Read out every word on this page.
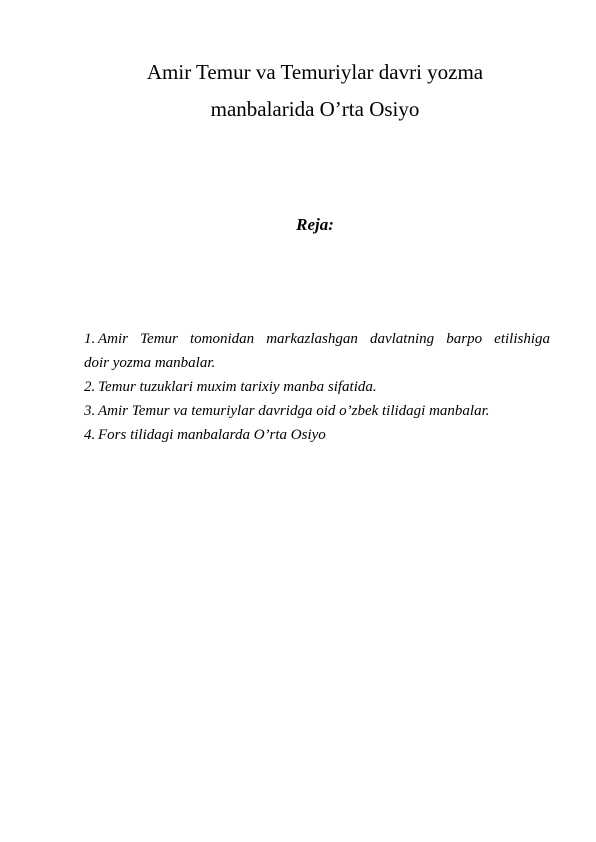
Amir Temur va Temuriylar davri yozma
manbalarida O’rta Osiyo
Reja:
1. Amir Temur tomonidan markazlashgan davlatning barpo etilishiga
doir yozma manbalar.
2. Temur tuzuklari muxim tarixiy manba sifatida.
3. Amir Temur va temuriylar davridga oid o’zbek tilidagi manbalar.
4. Fors tilidagi manbalarda O’rta Osiyo
